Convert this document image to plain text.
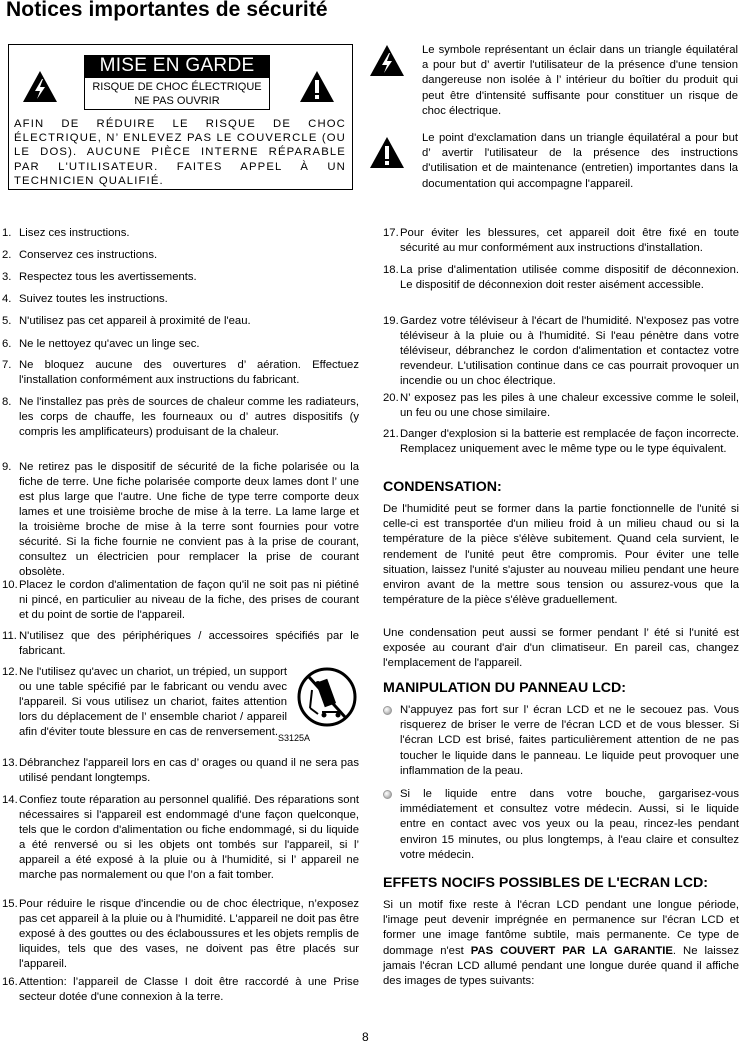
Notices importantes de sécurité
MISE EN GARDE
RISQUE DE CHOC ÉLECTRIQUE
NE PAS OUVRIR
AFIN DE RÉDUIRE LE RISQUE DE CHOC ÉLECTRIQUE, N’ ENLEVEZ PAS LE COUVERCLE (OU LE DOS). AUCUNE PIÈCE INTERNE RÉPARABLE PAR L'UTILISATEUR. FAITES APPEL À UN TECHNICIEN QUALIFIÉ.
Le symbole représentant un éclair dans un triangle équilatéral a pour but d’ avertir l'utilisateur de la présence d'une tension dangereuse non isolée à l’ intérieur du boîtier du produit qui peut être d'intensité suffisante pour constituer un risque de choc électrique.
Le point d'exclamation dans un triangle équilatéral a pour but d’ avertir l'utilisateur de la présence des instructions d'utilisation et de maintenance (entretien) importantes dans la documentation qui accompagne l'appareil.
1. Lisez ces instructions.
2. Conservez ces instructions.
3. Respectez tous les avertissements.
4. Suivez toutes les instructions.
5. N'utilisez pas cet appareil à proximité de l'eau.
6. Ne le nettoyez qu'avec un linge sec.
7. Ne bloquez aucune des ouvertures d’ aération. Effectuez l'installation conformément aux instructions du fabricant.
8. Ne l'installez pas près de sources de chaleur comme les radiateurs, les corps de chauffe, les fourneaux ou d’ autres dispositifs (y compris les amplificateurs) produisant de la chaleur.
9. Ne retirez pas le dispositif de sécurité de la fiche polarisée ou la fiche de terre. Une fiche polarisée comporte deux lames dont l’ une est plus large que l'autre. Une fiche de type terre comporte deux lames et une troisième broche de mise à la terre. La lame large et la troisième broche de mise à la terre sont fournies pour votre sécurité. Si la fiche fournie ne convient pas à la prise de courant, consultez un électricien pour remplacer la prise de courant obsolète.
10. Placez le cordon d'alimentation de façon qu'il ne soit pas ni piétiné ni pincé, en particulier au niveau de la fiche, des prises de courant et du point de sortie de l'appareil.
11. N'utilisez que des périphériques / accessoires spécifiés par le fabricant.
12. Ne l'utilisez qu'avec un chariot, un trépied, un support ou une table spécifié par le fabricant ou vendu avec l'appareil. Si vous utilisez un chariot, faites attention lors du déplacement de l’ ensemble chariot / appareil afin d'éviter toute blessure en cas de renversement.
13. Débranchez l'appareil lors en cas d’ orages ou quand il ne sera pas utilisé pendant longtemps.
14. Confiez toute réparation au personnel qualifié. Des réparations sont nécessaires si l'appareil est endommagé d'une façon quelconque, tels que le cordon d'alimentation ou fiche endommagé, si du liquide a été renversé ou si les objets ont tombés sur l'appareil, si l’ appareil a été exposé à la pluie ou à l'humidité, si l’ appareil ne marche pas normalement ou que l’on a fait tomber.
15. Pour réduire le risque d'incendie ou de choc électrique, n’exposez pas cet appareil à la pluie ou à l'humidité. L'appareil ne doit pas être exposé à des gouttes ou des éclaboussures et les objets remplis de liquides, tels que des vases, ne doivent pas être placés sur l'appareil.
16. Attention: l’appareil de Classe I doit être raccordé à une Prise secteur dotée d'une connexion à la terre.
S3125A
17. Pour éviter les blessures, cet appareil doit être fixé en toute sécurité au mur conformément aux instructions d'installation.
18. La prise d'alimentation utilisée comme dispositif de déconnexion. Le dispositif de déconnexion doit rester aisément accessible.
19. Gardez votre téléviseur à l'écart de l'humidité. N'exposez pas votre téléviseur à la pluie ou à l'humidité. Si l'eau pénètre dans votre téléviseur, débranchez le cordon d'alimentation et contactez votre revendeur. L'utilisation continue dans ce cas pourrait provoquer un incendie ou un choc électrique.
20. N’ exposez pas les piles à une chaleur excessive comme le soleil, un feu ou une chose similaire.
21. Danger d'explosion si la batterie est remplacée de façon incorrecte. Remplacez uniquement avec le même type ou le type équivalent.
CONDENSATION:
De l'humidité peut se former dans la partie fonctionnelle de l'unité si celle-ci est transportée d'un milieu froid à un milieu chaud ou si la température de la pièce s'élève subitement. Quand cela survient, le rendement de l'unité peut être compromis. Pour éviter une telle situation, laissez l'unité s'ajuster au nouveau milieu pendant une heure environ avant de la mettre sous tension ou assurez-vous que la température de la pièce s'élève graduellement.
Une condensation peut aussi se former pendant l’ été si l'unité est exposée au courant d'air d'un climatiseur. En pareil cas, changez l'emplacement de l'appareil.
MANIPULATION DU PANNEAU LCD:
N'appuyez pas fort sur l’ écran LCD et ne le secouez pas. Vous risquerez de briser le verre de l'écran LCD et de vous blesser. Si l'écran LCD est brisé, faites particulièrement attention de ne pas toucher le liquide dans le panneau. Le liquide peut provoquer une inflammation de la peau.
Si le liquide entre dans votre bouche, gargarisez-vous immédiatement et consultez votre médecin. Aussi, si le liquide entre en contact avec vos yeux ou la peau, rincez-les pendant environ 15 minutes, ou plus longtemps, à l'eau claire et consultez votre médecin.
EFFETS NOCIFS POSSIBLES DE L'ECRAN LCD:
Si un motif fixe reste à l'écran LCD pendant une longue période, l'image peut devenir imprégnée en permanence sur l'écran LCD et former une image fantôme subtile, mais permanente. Ce type de dommage n'est PAS COUVERT PAR LA GARANTIE. Ne laissez jamais l'écran LCD allumé pendant une longue durée quand il affiche des images de types suivants:
8
